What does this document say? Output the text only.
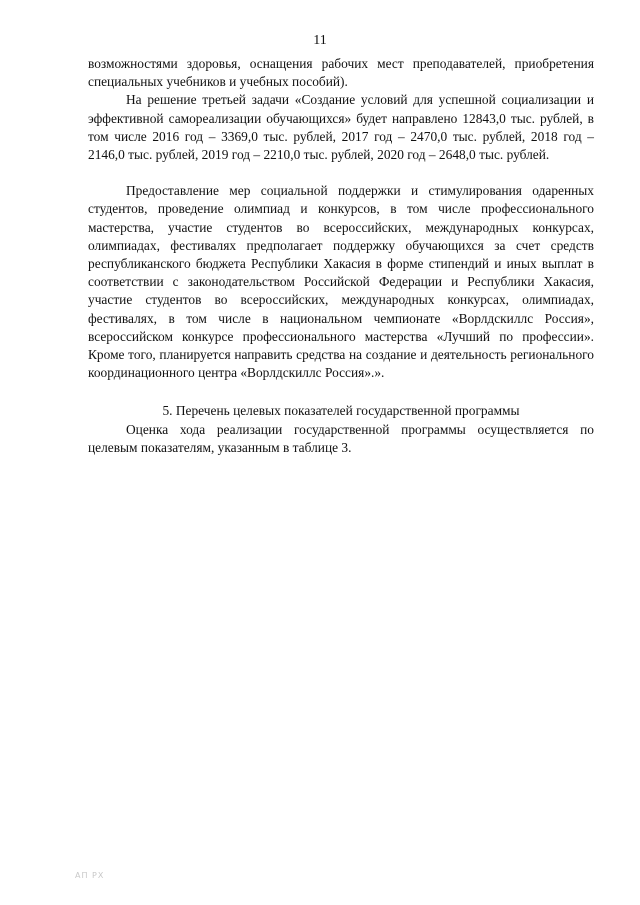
11

возможностями здоровья, оснащения рабочих мест преподавателей, приобретения специальных учебников и учебных пособий).

На решение третьей задачи «Создание условий для успешной социализации и эффективной самореализации обучающихся» будет направлено 12843,0 тыс. рублей, в том числе 2016 год – 3369,0 тыс. рублей, 2017 год – 2470,0 тыс. рублей, 2018 год – 2146,0 тыс. рублей, 2019 год – 2210,0 тыс. рублей, 2020 год – 2648,0 тыс. рублей.

Предоставление мер социальной поддержки и стимулирования одаренных студентов, проведение олимпиад и конкурсов, в том числе профессионального мастерства, участие студентов во всероссийских, международных конкурсах, олимпиадах, фестивалях предполагает поддержку обучающихся за счет средств республиканского бюджета Республики Хакасия в форме стипендий и иных выплат в соответствии с законодательством Российской Федерации и Республики Хакасия, участие студентов во всероссийских, международных конкурсах, олимпиадах, фестивалях, в том числе в национальном чемпионате «Ворлдскиллс Россия», всероссийском конкурсе профессионального мастерства «Лучший по профессии». Кроме того, планируется направить средства на создание и деятельность регионального координационного центра «Ворлдскиллс Россия».».

5. Перечень целевых показателей государственной программы

Оценка хода реализации государственной программы осуществляется по целевым показателям, указанным в таблице 3.

АП РХ
